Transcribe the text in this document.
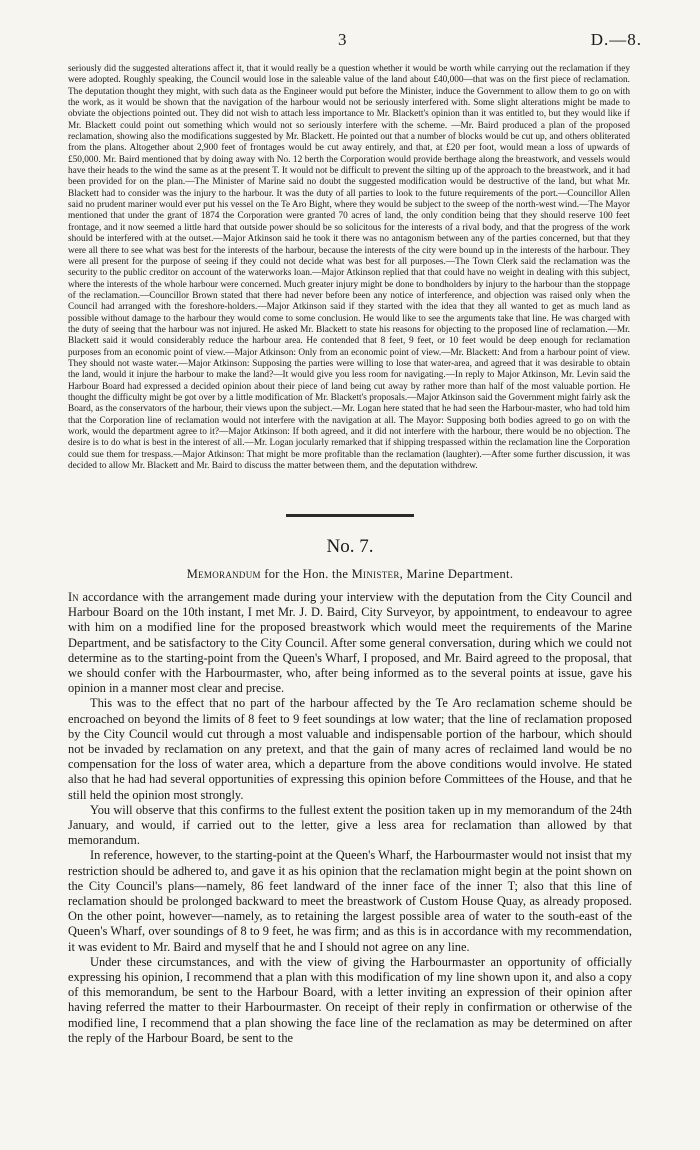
3	D.—8.

seriously did the suggested alterations affect it, that it would really be a question whether it would be worth while carrying out the reclamation if they were adopted. Roughly speaking, the Council would lose in the saleable value of the land about £40,000—that was on the first piece of reclamation. The deputation thought they might, with such data as the Engineer would put before the Minister, induce the Government to allow them to go on with the work, as it would be shown that the navigation of the harbour would not be seriously interfered with. Some slight alterations might be made to obviate the objections pointed out. They did not wish to attach less importance to Mr. Blackett's opinion than it was entitled to, but they would like if Mr. Blackett could point out something which would not so seriously interfere with the scheme. —Mr. Baird produced a plan of the proposed reclamation, showing also the modifications suggested by Mr. Blackett. He pointed out that a number of blocks would be cut up, and others obliterated from the plans. Altogether about 2,900 feet of frontages would be cut away entirely, and that, at £20 per foot, would mean a loss of upwards of £50,000. Mr. Baird mentioned that by doing away with No. 12 berth the Corporation would provide berthage along the breastwork, and vessels would have their heads to the wind the same as at the present T. It would not be difficult to prevent the silting up of the approach to the breastwork, and it had been provided for on the plan.—The Minister of Marine said no doubt the suggested modification would be destructive of the land, but what Mr. Blackett had to consider was the injury to the harbour. It was the duty of all parties to look to the future requirements of the port.—Councillor Allen said no prudent mariner would ever put his vessel on the Te Aro Bight, where they would be subject to the sweep of the north-west wind.—The Mayor mentioned that under the grant of 1874 the Corporation were granted 70 acres of land, the only condition being that they should reserve 100 feet frontage, and it now seemed a little hard that outside power should be so solicitous for the interests of a rival body, and that the progress of the work should be interfered with at the outset.—Major Atkinson said he took it there was no antagonism between any of the parties concerned, but that they were all there to see what was best for the interests of the harbour, because the interests of the city were bound up in the interests of the harbour. They were all present for the purpose of seeing if they could not decide what was best for all purposes.—The Town Clerk said the reclamation was the security to the public creditor on account of the waterworks loan.—Major Atkinson replied that that could have no weight in dealing with this subject, where the interests of the whole harbour were concerned. Much greater injury might be done to bondholders by injury to the harbour than the stoppage of the reclamation.—Councillor Brown stated that there had never before been any notice of interference, and objection was raised only when the Council had arranged with the foreshore-holders.—Major Atkinson said if they started with the idea that they all wanted to get as much land as possible without damage to the harbour they would come to some conclusion. He would like to see the arguments take that line. He was charged with the duty of seeing that the harbour was not injured. He asked Mr. Blackett to state his reasons for objecting to the proposed line of reclamation.—Mr. Blackett said it would considerably reduce the harbour area. He contended that 8 feet, 9 feet, or 10 feet would be deep enough for reclamation purposes from an economic point of view.—Major Atkinson: Only from an economic point of view.—Mr. Blackett: And from a harbour point of view. They should not waste water.—Major Atkinson: Supposing the parties were willing to lose that water-area, and agreed that it was desirable to obtain the land, would it injure the harbour to make the land?—It would give you less room for navigating.—In reply to Major Atkinson, Mr. Levin said the Harbour Board had expressed a decided opinion about their piece of land being cut away by rather more than half of the most valuable portion. He thought the difficulty might be got over by a little modification of Mr. Blackett's proposals.—Major Atkinson said the Government might fairly ask the Board, as the conservators of the harbour, their views upon the subject.—Mr. Logan here stated that he had seen the Harbour-master, who had told him that the Corporation line of reclamation would not interfere with the navigation at all. The Mayor: Supposing both bodies agreed to go on with the work, would the department agree to it?—Major Atkinson: If both agreed, and it did not interfere with the harbour, there would be no objection. The desire is to do what is best in the interest of all.—Mr. Logan jocularly remarked that if shipping trespassed within the reclamation line the Corporation could sue them for trespass.—Major Atkinson: That might be more profitable than the reclamation (laughter).—After some further discussion, it was decided to allow Mr. Blackett and Mr. Baird to discuss the matter between them, and the deputation withdrew.

No. 7.
Memorandum for the Hon. the Minister, Marine Department.

In accordance with the arrangement made during your interview with the deputation from the City Council and Harbour Board on the 10th instant, I met Mr. J. D. Baird, City Surveyor, by appointment, to endeavour to agree with him on a modified line for the proposed breastwork which would meet the requirements of the Marine Department, and be satisfactory to the City Council. After some general conversation, during which we could not determine as to the starting-point from the Queen's Wharf, I proposed, and Mr. Baird agreed to the proposal, that we should confer with the Harbourmaster, who, after being informed as to the several points at issue, gave his opinion in a manner most clear and precise.

This was to the effect that no part of the harbour affected by the Te Aro reclamation scheme should be encroached on beyond the limits of 8 feet to 9 feet soundings at low water; that the line of reclamation proposed by the City Council would cut through a most valuable and indispensable portion of the harbour, which should not be invaded by reclamation on any pretext, and that the gain of many acres of reclaimed land would be no compensation for the loss of water area, which a departure from the above conditions would involve. He stated also that he had had several opportunities of expressing this opinion before Committees of the House, and that he still held the opinion most strongly.

You will observe that this confirms to the fullest extent the position taken up in my memorandum of the 24th January, and would, if carried out to the letter, give a less area for reclamation than allowed by that memorandum.

In reference, however, to the starting-point at the Queen's Wharf, the Harbourmaster would not insist that my restriction should be adhered to, and gave it as his opinion that the reclamation might begin at the point shown on the City Council's plans—namely, 86 feet landward of the inner face of the inner T; also that this line of reclamation should be prolonged backward to meet the breastwork of Custom House Quay, as already proposed. On the other point, however—namely, as to retaining the largest possible area of water to the south-east of the Queen's Wharf, over soundings of 8 to 9 feet, he was firm; and as this is in accordance with my recommendation, it was evident to Mr. Baird and myself that he and I should not agree on any line.

Under these circumstances, and with the view of giving the Harbourmaster an opportunity of officially expressing his opinion, I recommend that a plan with this modification of my line shown upon it, and also a copy of this memorandum, be sent to the Harbour Board, with a letter inviting an expression of their opinion after having referred the matter to their Harbourmaster. On receipt of their reply in confirmation or otherwise of the modified line, I recommend that a plan showing the face line of the reclamation as may be determined on after the reply of the Harbour Board, be sent to the
